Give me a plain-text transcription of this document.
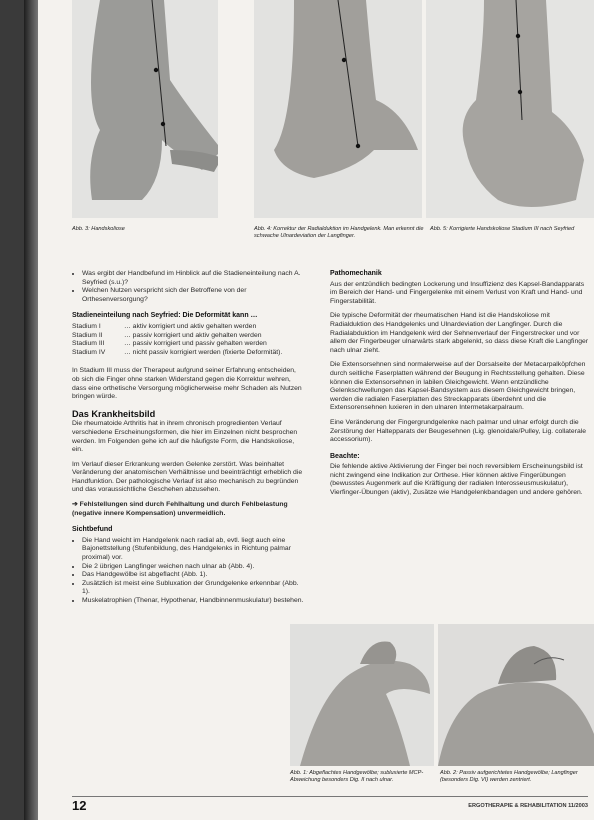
Abb. 3: Handskoliose	Abb. 4: Korrektur der Radialduktion im Handgelenk. Man erkennt die schwache Ulnardeviation der Langfinger.
Abb. 5: Korrigierte Handskoliose Stadium III nach Seyfried
• Was ergibt der Handbefund im Hinblick auf die Stadieneinteilung nach A. Seyfried (s.u.)?
• Welchen Nutzen verspricht sich der Betroffene von der Orthesenversorgung?
Stadieneinteilung nach Seyfried: Die Deformität kann …
Stadium I	… aktiv korrigiert und aktiv gehalten werden
Stadium II	… passiv korrigiert und aktiv gehalten werden
Stadium III	… passiv korrigiert und passiv gehalten werden
Stadium IV	… nicht passiv korrigiert werden (fixierte Deformität).

In Stadium III muss der Therapeut aufgrund seiner Erfahrung entscheiden, ob sich die Finger ohne starken Widerstand gegen die Korrektur wehren, dass eine orthetische Versorgung möglicherweise mehr Schaden als Nutzen bringen würde.

Das Krankheitsbild

Die rheumatoide Arthritis hat in ihrem chronisch progredienten Verlauf verschiedene Erscheinungsformen, die hier im Einzelnen nicht besprochen werden. Im Folgenden gehe ich auf die häufigste Form, die Handskoliose, ein.

Im Verlauf dieser Erkrankung werden Gelenke zerstört. Was beinhaltet Veränderung der anatomischen Verhältnisse und beeinträchtigt erheblich die Handfunktion. Der pathologische Verlauf ist also mechanisch zu begründen und das voraussichtliche Geschehen abzusehen.

➔ Fehlstellungen sind durch Fehlhaltung und durch Fehlbelastung (negative innere Kompensation) unvermeidlich.
Sichtbefund
• Die Hand weicht im Handgelenk nach radial ab, evtl. liegt auch eine Bajonettstellung (Stufenbildung, des Handgelenks in Richtung palmar proximal) vor.
• Die 2 übrigen Langfinger weichen nach ulnar ab (Abb. 4).
• Das Handgewölbe ist abgeflacht (Abb. 1).
• Zusätzlich ist meist eine Subluxation der Grundgelenke erkennbar (Abb. 1).
• Muskelatrophien (Thenar, Hypothenar, Handbinnenmuskulatur) bestehen.
Pathomechanik

Aus der entzündlich bedingten Lockerung und Insuffizienz des Kapsel-Bandapparats im Bereich der Hand- und Fingergelenke mit einem Verlust von Kraft und Hand- und Fingerstabilität.

Die typische Deformität der rheumatischen Hand ist die Handskoliose mit Radialduktion des Handgelenks und Ulnardeviation der Langfinger. Durch die Radialabduktion im Handgelenk wird der Sehnenverlauf der Fingerstrecker und vor allem der Fingerbeuger ulnarwärts stark abgelenkt, so dass diese Kraft die Langfinger nach ulnar zieht.

Die Extensorsehnen sind normalerweise auf der Dorsalseite der Metacarpalköpfchen durch seitliche Faserplatten während der Beugung in Rechtsstellung gehalten. Diese können die Extensorsehnen in labilen Gleichgewicht. Wenn entzündliche Gelenkschwellungen das Kapsel-Bandsystem aus diesem Gleichgewicht bringen, werden die radialen Faserplatten des Streckapparats überdehnt und die Extensorensehnen luxieren in den ulnaren Intermetakarpalraum.

Eine Veränderung der Fingergrundgelenke nach palmar und ulnar erfolgt durch die Zerstörung der Haltepparats der Beugesehnen (Lig. glenoidale/Pulley, Lig. collaterale accessorium).

Beachte:

Die fehlende aktive Aktivierung der Finger bei noch reversiblem Erscheinungsbild ist nicht zwingend eine Indikation zur Orthese. Hier können aktive Fingerübungen (bewusstes Augenmerk auf die Kräftigung der radialen Interosseusmuskulatur), Vierfinger-Übungen (aktiv), Zusätze wie Handgelenkbandagen und andere gehören.

Abb. 1: Abgeflachtes Handgewölbe; subluxierte MCP-Abweichung besonders Dig. II nach ulnar.
Abb. 2: Passiv aufgerichtetes Handgewölbe; Langfinger (besonders Dig. VI) werden zentriert.
12	ERGOTHERAPIE & REHABILITATION 11/2003
